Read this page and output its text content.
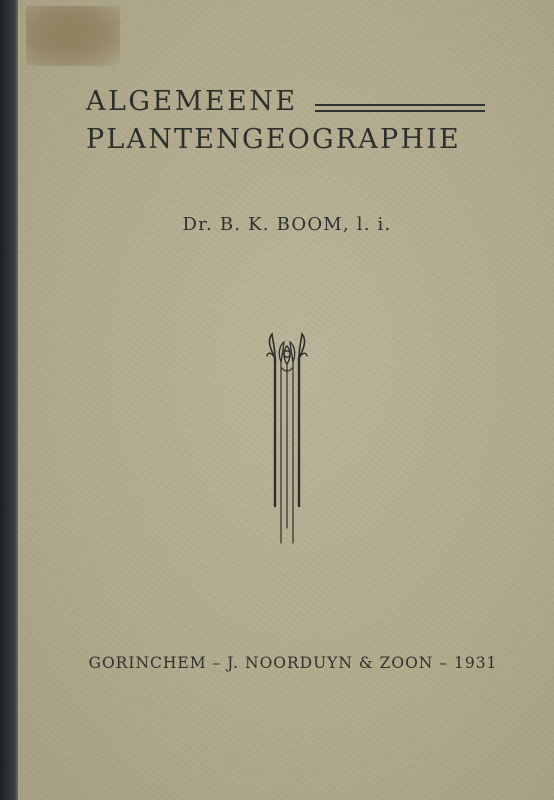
ALGEMEENE
PLANTENGEOGRAPHIE
Dr. B. K. BOOM, l. i.
GORINCHEM – J. NOORDUYN & ZOON – 1931
